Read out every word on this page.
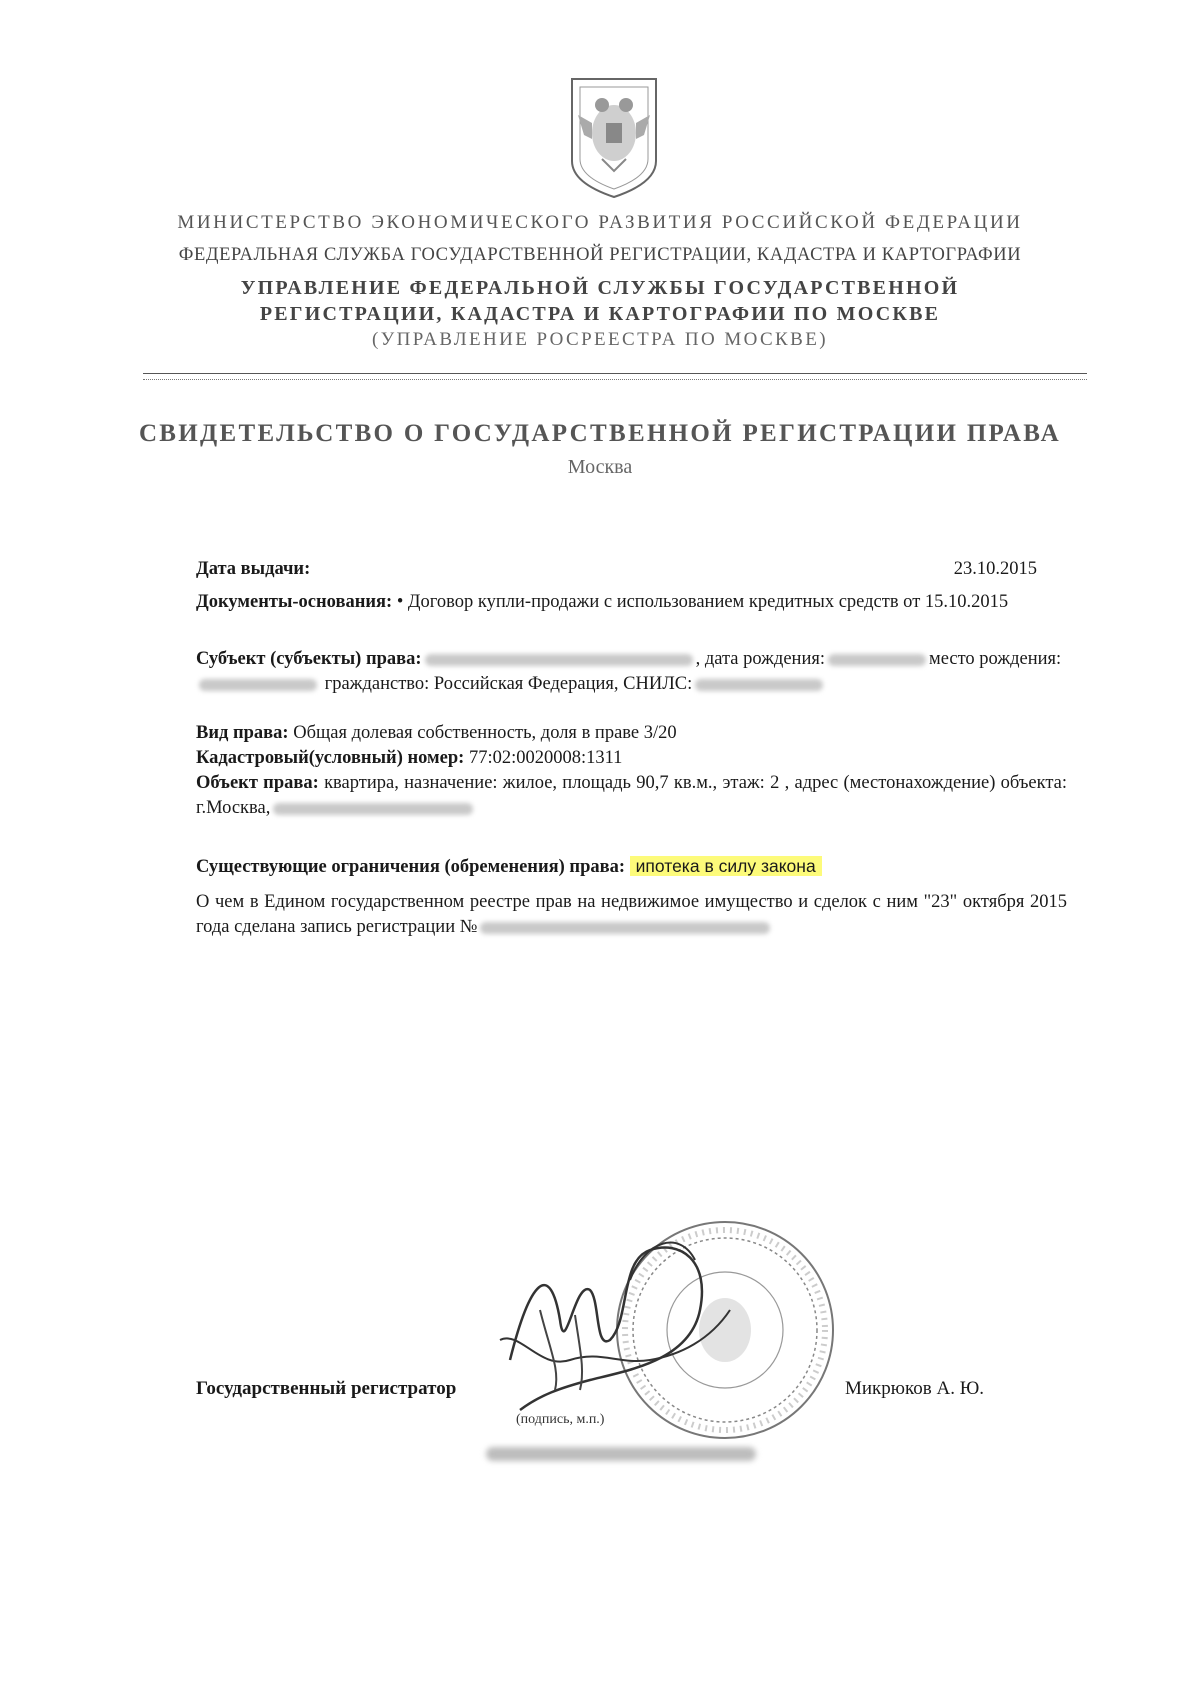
МИНИСТЕРСТВО ЭКОНОМИЧЕСКОГО РАЗВИТИЯ РОССИЙСКОЙ ФЕДЕРАЦИИ
ФЕДЕРАЛЬНАЯ СЛУЖБА ГОСУДАРСТВЕННОЙ РЕГИСТРАЦИИ, КАДАСТРА И КАРТОГРАФИИ
УПРАВЛЕНИЕ ФЕДЕРАЛЬНОЙ СЛУЖБЫ ГОСУДАРСТВЕННОЙ
РЕГИСТРАЦИИ, КАДАСТРА И КАРТОГРАФИИ ПО МОСКВЕ
(УПРАВЛЕНИЕ РОСРЕЕСТРА ПО МОСКВЕ)
СВИДЕТЕЛЬСТВО О ГОСУДАРСТВЕННОЙ РЕГИСТРАЦИИ ПРАВА
Москва
Дата выдачи:	23.10.2015
Документы-основания: • Договор купли-продажи с использованием кредитных средств от 15.10.2015
Субъект (субъекты) права:	, дата рождения:	место рождения: гражданство: Российская Федерация, СНИЛС:
Вид права: Общая долевая собственность, доля в праве 3/20
Кадастровый(условный) номер: 77:02:0020008:1311
Объект права: квартира, назначение: жилое, площадь 90,7 кв.м., этаж: 2 , адрес (местонахождение) объекта: г.Москва,
Существующие ограничения (обременения) права: ипотека в силу закона
О чем в Едином государственном реестре прав на недвижимое имущество и сделок с ним "23" октября 2015 года сделана запись регистрации №
Государственный регистратор	Микрюков А. Ю.
(подпись, м.п.)
